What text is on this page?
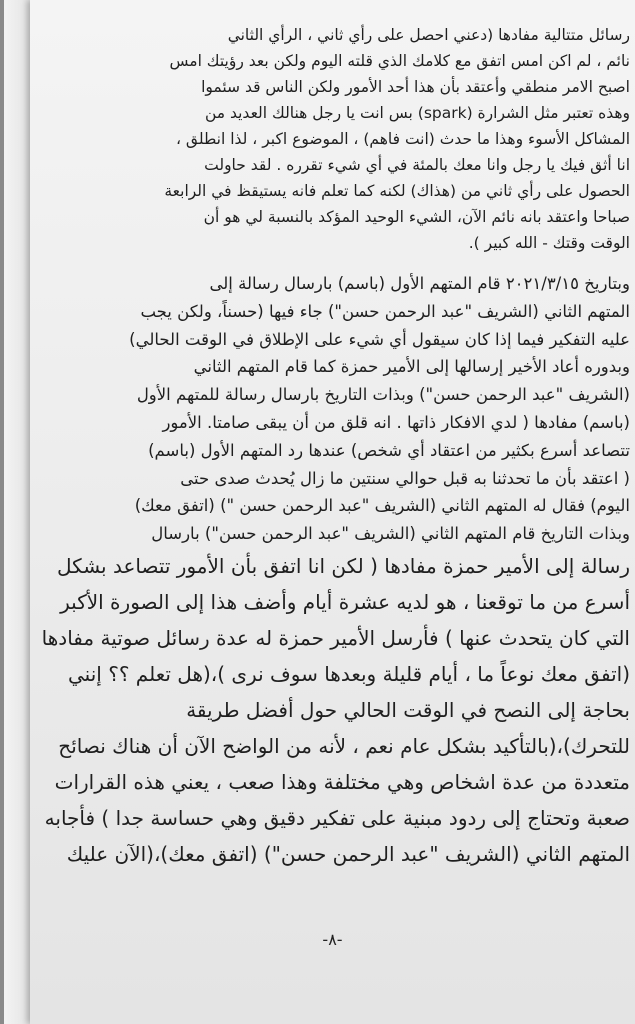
رسائل متتالية مفادها (دعني احصل على رأي ثاني ، الرأي الثاني
نائم ، لم اكن امس اتفق مع كلامك الذي قلته اليوم ولكن بعد رؤيتك امس
اصبح الامر منطقي وأعتقد بأن هذا أحد الأمور ولكن الناس قد سئموا
وهذه تعتبر مثل الشرارة (spark) بس انت يا رجل هنالك العديد من
المشاكل الأسوء وهذا ما حدث (انت فاهم) ، الموضوع اكبر ، لذا انطلق ،
انا أثق فيك يا رجل وانا معك بالمئة في أي شيء تقرره . لقد حاولت
الحصول على رأي ثاني من (هذاك) لكنه كما تعلم فانه يستيقظ في الرابعة
صباحا واعتقد بانه نائم الآن، الشيء الوحيد المؤكد بالنسبة لي هو أن
الوقت وقتك - الله كبير ).
وبتاريخ ٢٠٢١/٣/١٥ قام المتهم الأول (باسم) بارسال رسالة إلى
المتهم الثاني (الشريف "عبد الرحمن حسن") جاء فيها (حسناً، ولكن يجب
عليه التفكير فيما إذا كان سيقول أي شيء على الإطلاق في الوقت الحالي)
وبدوره أعاد الأخير إرسالها إلى الأمير حمزة كما قام المتهم الثاني
(الشريف "عبد الرحمن حسن") وبذات التاريخ بارسال رسالة للمتهم الأول
(باسم) مفادها ( لدي الافكار ذاتها . انه قلق من أن يبقى صامتا. الأمور
تتصاعد أسرع بكثير من اعتقاد أي شخص) عندها رد المتهم الأول (باسم)
( اعتقد بأن ما تحدثنا به قبل حوالي سنتين ما زال يُحدث صدى حتى
اليوم) فقال له المتهم الثاني (الشريف "عبد الرحمن حسن ") (اتفق معك)
وبذات التاريخ قام المتهم الثاني (الشريف "عبد الرحمن حسن") بارسال
رسالة إلى الأمير حمزة مفادها ( لكن انا اتفق بأن الأمور تتصاعد بشكل
أسرع من ما توقعنا ، هو لديه عشرة أيام وأضف هذا إلى الصورة الأكبر
التي كان يتحدث عنها ) فأرسل الأمير حمزة له عدة رسائل صوتية مفادها
(اتفق معك نوعاً ما ، أيام قليلة وبعدها سوف نرى )،(هل تعلم ؟؟ إنني
بحاجة إلى النصح في الوقت الحالي حول أفضل طريقة
للتحرك)،(بالتأكيد بشكل عام نعم ، لأنه من الواضح الآن أن هناك نصائح
متعددة من عدة اشخاص وهي مختلفة وهذا صعب ، يعني هذه القرارات
صعبة وتحتاج إلى ردود مبنية على تفكير دقيق وهي حساسة جدا ) فأجابه
المتهم الثاني (الشريف "عبد الرحمن حسن") (اتفق معك)،(الآن عليك
-٨-
